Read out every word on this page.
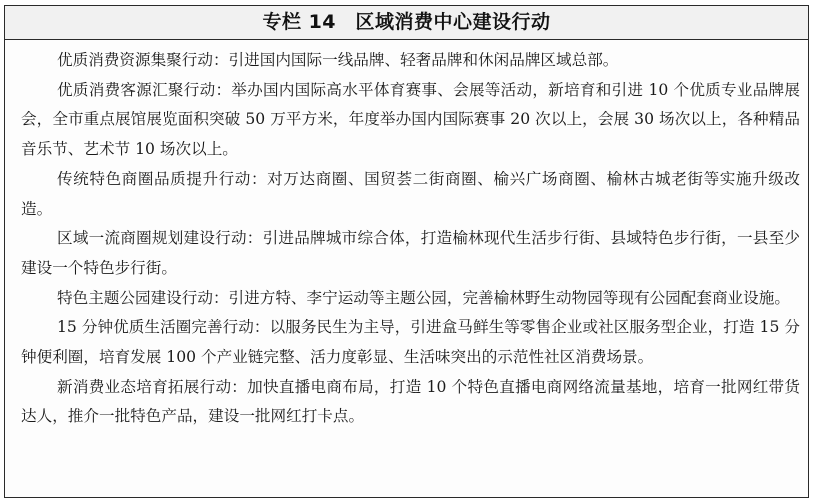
专栏 14　区域消费中心建设行动

优质消费资源集聚行动：引进国内国际一线品牌、轻奢品牌和休闲品牌区域总部。

优质消费客源汇聚行动：举办国内国际高水平体育赛事、会展等活动，新培育和引进 10 个优质专业品牌展会，全市重点展馆展览面积突破 50 万平方米，年度举办国内国际赛事 20 次以上，会展 30 场次以上，各种精品音乐节、艺术节 10 场次以上。

传统特色商圈品质提升行动：对万达商圈、国贸荟二街商圈、榆兴广场商圈、榆林古城老街等实施升级改造。

区域一流商圈规划建设行动：引进品牌城市综合体，打造榆林现代生活步行街、县域特色步行街，一县至少建设一个特色步行街。

特色主题公园建设行动：引进方特、李宁运动等主题公园，完善榆林野生动物园等现有公园配套商业设施。

15 分钟优质生活圈完善行动：以服务民生为主导，引进盒马鲜生等零售企业或社区服务型企业，打造 15 分钟便利圈，培育发展 100 个产业链完整、活力度彰显、生活味突出的示范性社区消费场景。

新消费业态培育拓展行动：加快直播电商布局，打造 10 个特色直播电商网络流量基地，培育一批网红带货达人，推介一批特色产品，建设一批网红打卡点。
